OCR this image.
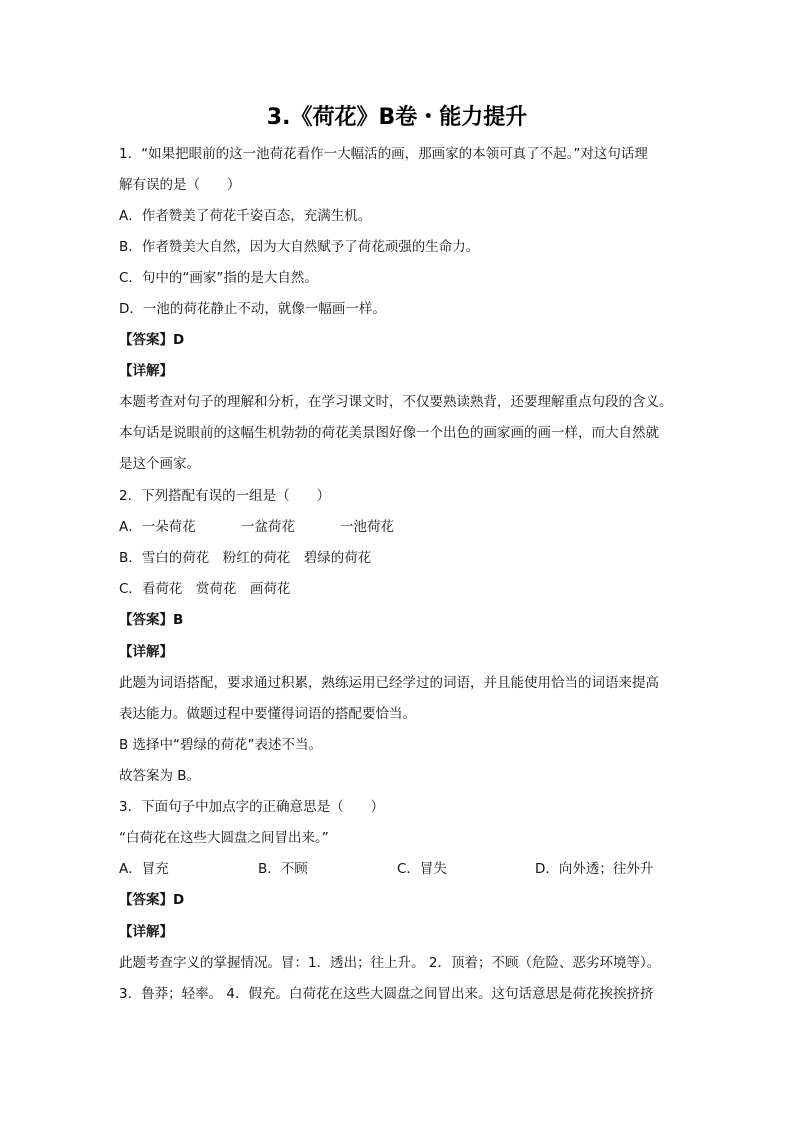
3.《荷花》B卷・能力提升
1．“如果把眼前的这一池荷花看作一大幅活的画，那画家的本领可真了不起。”对这句话理
解有误的是（　　）
A．作者赞美了荷花千姿百态，充满生机。
B．作者赞美大自然，因为大自然赋予了荷花顽强的生命力。
C．句中的“画家”指的是大自然。
D．一池的荷花静止不动，就像一幅画一样。
【答案】D
【详解】
本题考查对句子的理解和分析，在学习课文时，不仅要熟读熟背，还要理解重点句段的含义。
本句话是说眼前的这幅生机勃勃的荷花美景图好像一个出色的画家画的画一样，而大自然就
是这个画家。
2．下列搭配有误的一组是（　　）
A．一朵荷花	一盆荷花	一池荷花
B．雪白的荷花　粉红的荷花　碧绿的荷花
C．看荷花　赏荷花　画荷花
【答案】B
【详解】
此题为词语搭配，要求通过积累，熟练运用已经学过的词语，并且能使用恰当的词语来提高
表达能力。做题过程中要懂得词语的搭配要恰当。
B 选择中“碧绿的荷花”表述不当。
故答案为 B。
3．下面句子中加点字的正确意思是（　　）
“白荷花在这些大圆盘之间冒出来。”
A．冒充	B．不顾	C．冒失	D．向外透；往外升
【答案】D
【详解】
此题考查字义的掌握情况。冒：1．透出；往上升。 2．顶着；不顾（危险、恶劣环境等）。
3．鲁莽；轻率。 4．假充。白荷花在这些大圆盘之间冒出来。这句话意思是荷花挨挨挤挤
